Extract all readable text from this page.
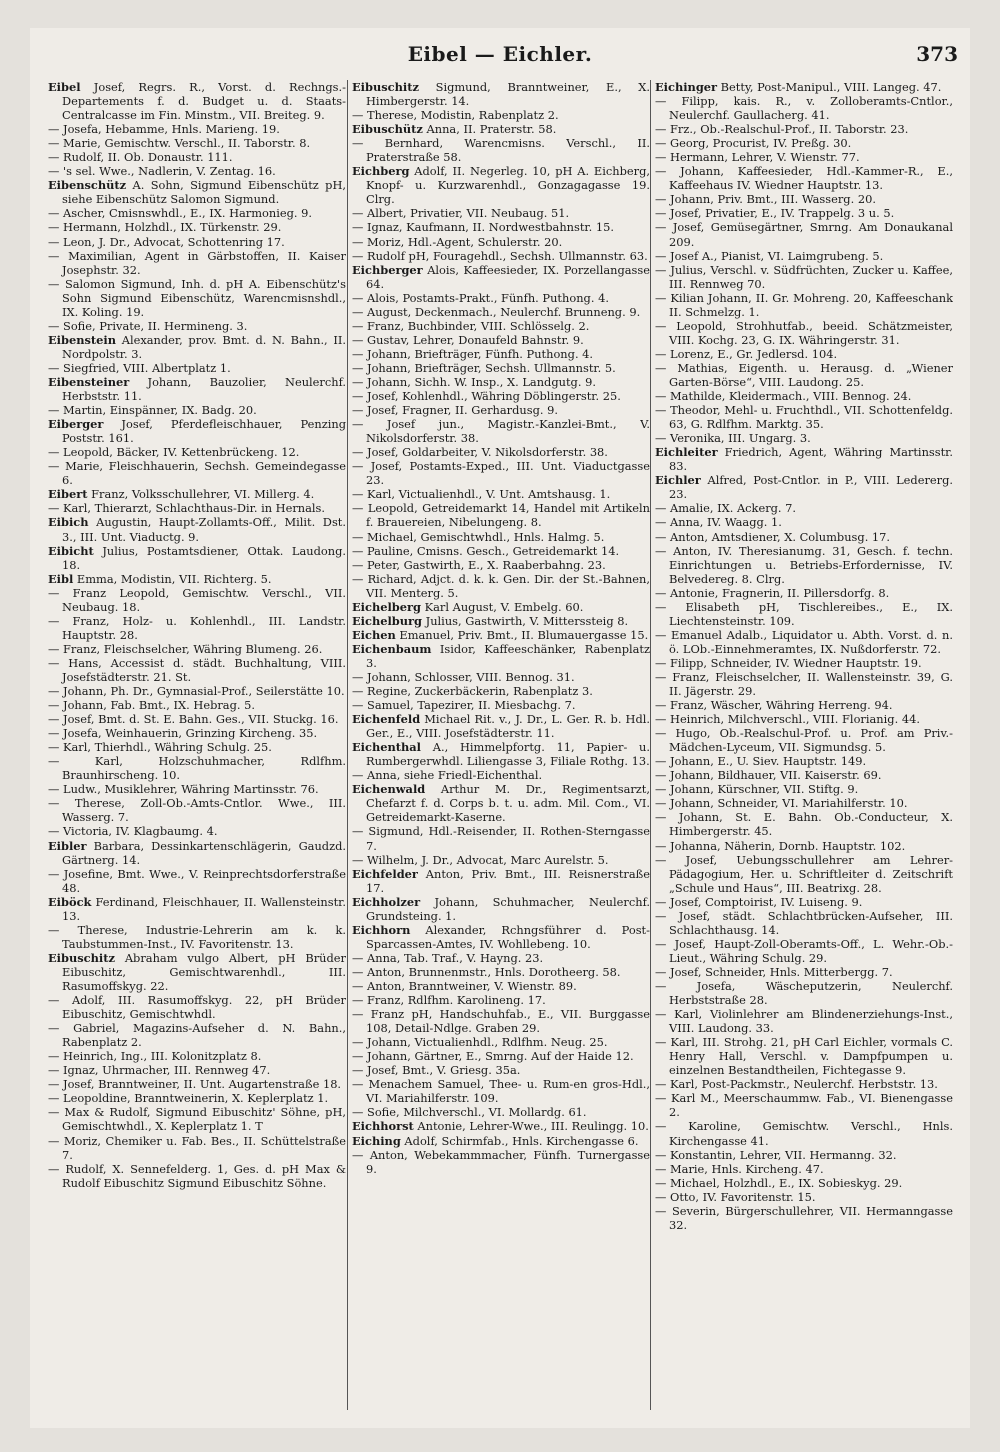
Eibel — Eichler.	373

Eibel Josef, Regrs. R., Vorst. d. Rechngs.-Departements f. d. Budget u. d. Staats-Centralcasse im Fin. Minstm., VII. Breiteg. 9.

— Josefa, Hebamme, Hnls. Marieng. 19.

— Marie, Gemischtw. Verschl., II. Taborstr. 8.

— Rudolf, II. Ob. Donaustr. 111.

— 's sel. Wwe., Nadlerin, V. Zentag. 16.

Eibenschütz A. Sohn, Sigmund Eibenschütz pH, siehe Eibenschütz Salomon Sigmund.

— Ascher, Cmisnswhdl., E., IX. Harmonieg. 9.

— Hermann, Holzhdl., IX. Türkenstr. 29.

— Leon, J. Dr., Advocat, Schottenring 17.

— Maximilian, Agent in Gärbstoffen, II. Kaiser Josephstr. 32.

— Salomon Sigmund, Inh. d. pH A. Eibenschütz's Sohn Sigmund Eibenschütz, Warencmisnshdl., IX. Koling. 19.

— Sofie, Private, II. Hermineng. 3.

Eibenstein Alexander, prov. Bmt. d. N. Bahn., II. Nordpolstr. 3.

— Siegfried, VIII. Albertplatz 1.

Eibensteiner Johann, Bauzolier, Neulerchf. Herbststr. 11.

— Martin, Einspänner, IX. Badg. 20.

Eiberger Josef, Pferdefleischhauer, Penzing Poststr. 161.

— Leopold, Bäcker, IV. Kettenbrückeng. 12.

— Marie, Fleischhauerin, Sechsh. Gemeindegasse 6.

Eibert Franz, Volksschullehrer, VI. Millerg. 4.

— Karl, Thierarzt, Schlachthaus-Dir. in Hernals.

Eibich Augustin, Haupt-Zollamts-Off., Milit. Dst. 3., III. Unt. Viaductg. 9.

Eibicht Julius, Postamtsdiener, Ottak. Laudong. 18.

Eibl Emma, Modistin, VII. Richterg. 5.

— Franz Leopold, Gemischtw. Verschl., VII. Neubaug. 18.

— Franz, Holz- u. Kohlenhdl., III. Landstr. Hauptstr. 28.

— Franz, Fleischselcher, Währing Blumeng. 26.

— Hans, Accessist d. städt. Buchhaltung, VIII. Josefstädterstr. 21. St.

— Johann, Ph. Dr., Gymnasial-Prof., Seilerstätte 10.

— Johann, Fab. Bmt., IX. Hebrag. 5.

— Josef, Bmt. d. St. E. Bahn. Ges., VII. Stuckg. 16.

— Josefa, Weinhauerin, Grinzing Kircheng. 35.

— Karl, Thierhdl., Währing Schulg. 25.

— Karl, Holzschuhmacher, Rdlfhm. Braunhirscheng. 10.

— Ludw., Musiklehrer, Währing Martinsstr. 76.

— Therese, Zoll-Ob.-Amts-Cntlor. Wwe., III. Wasserg. 7.

— Victoria, IV. Klagbaumg. 4.

Eibler Barbara, Dessinkartenschlägerin, Gaudzd. Gärtnerg. 14.

— Josefine, Bmt. Wwe., V. Reinprechtsdorferstraße 48.

Eiböck Ferdinand, Fleischhauer, II. Wallensteinstr. 13.

— Therese, Industrie-Lehrerin am k. k. Taubstummen-Inst., IV. Favoritenstr. 13.

Eibuschitz Abraham vulgo Albert, pH Brüder Eibuschitz, Gemischtwarenhdl., III. Rasumoffskyg. 22.

— Adolf, III. Rasumoffskyg. 22, pH Brüder Eibuschitz, Gemischtwhdl.

— Gabriel, Magazins-Aufseher d. N. Bahn., Rabenplatz 2.

— Heinrich, Ing., III. Kolonitzplatz 8.

— Ignaz, Uhrmacher, III. Rennweg 47.

— Josef, Branntweiner, II. Unt. Augartenstraße 18.

— Leopoldine, Branntweinerin, X. Keplerplatz 1.

— Max & Rudolf, Sigmund Eibuschitz' Söhne, pH, Gemischtwhdl., X. Keplerplatz 1. T

— Moriz, Chemiker u. Fab. Bes., II. Schüttelstraße 7.

— Rudolf, X. Sennefelderg. 1, Ges. d. pH Max & Rudolf Eibuschitz Sigmund Eibuschitz Söhne.

Eibuschitz Sigmund, Branntweiner, E., X. Himbergerstr. 14.

— Therese, Modistin, Rabenplatz 2.

Eibuschütz Anna, II. Praterstr. 58.

— Bernhard, Warencmisns. Verschl., II. Praterstraße 58.

Eichberg Adolf, II. Negerleg. 10, pH A. Eichberg, Knopf- u. Kurzwarenhdl., Gonzagagasse 19. Clrg.

— Albert, Privatier, VII. Neubaug. 51.

— Ignaz, Kaufmann, II. Nordwestbahnstr. 15.

— Moriz, Hdl.-Agent, Schulerstr. 20.

— Rudolf pH, Fouragehdl., Sechsh. Ullmannstr. 63.

Eichberger Alois, Kaffeesieder, IX. Porzellangasse 64.

— Alois, Postamts-Prakt., Fünfh. Puthong. 4.

— August, Deckenmach., Neulerchf. Brunneng. 9.

— Franz, Buchbinder, VIII. Schlösselg. 2.

— Gustav, Lehrer, Donaufeld Bahnstr. 9.

— Johann, Briefträger, Fünfh. Puthong. 4.

— Johann, Briefträger, Sechsh. Ullmannstr. 5.

— Johann, Sichh. W. Insp., X. Landgutg. 9.

— Josef, Kohlenhdl., Währing Döblingerstr. 25.

— Josef, Fragner, II. Gerhardusg. 9.

— Josef jun., Magistr.-Kanzlei-Bmt., V. Nikolsdorferstr. 38.

— Josef, Goldarbeiter, V. Nikolsdorferstr. 38.

— Josef, Postamts-Exped., III. Unt. Viaductgasse 23.

— Karl, Victualienhdl., V. Unt. Amtshausg. 1.

— Leopold, Getreidemarkt 14, Handel mit Artikeln f. Brauereien, Nibelungeng. 8.

— Michael, Gemischtwhdl., Hnls. Halmg. 5.

— Pauline, Cmisns. Gesch., Getreidemarkt 14.

— Peter, Gastwirth, E., X. Raaberbahng. 23.

— Richard, Adjct. d. k. k. Gen. Dir. der St.-Bahnen, VII. Menterg. 5.

Eichelberg Karl August, V. Embelg. 60.

Eichelburg Julius, Gastwirth, V. Mitterssteig 8.

Eichen Emanuel, Priv. Bmt., II. Blumauergasse 15.

Eichenbaum Isidor, Kaffeeschänker, Rabenplatz 3.

— Johann, Schlosser, VIII. Bennog. 31.

— Regine, Zuckerbäckerin, Rabenplatz 3.

— Samuel, Tapezirer, II. Miesbachg. 7.

Eichenfeld Michael Rit. v., J. Dr., L. Ger. R. b. Hdl. Ger., E., VIII. Josefstädterstr. 11.

Eichenthal A., Himmelpfortg. 11, Papier- u. Rumbergerwhdl. Liliengasse 3, Filiale Rothg. 13.

— Anna, siehe Friedl-Eichenthal.

Eichenwald Arthur M. Dr., Regimentsarzt, Chefarzt f. d. Corps b. t. u. adm. Mil. Com., VI. Getreidemarkt-Kaserne.

— Sigmund, Hdl.-Reisender, II. Rothen-Sterngasse 7.

— Wilhelm, J. Dr., Advocat, Marc Aurelstr. 5.

Eichfelder Anton, Priv. Bmt., III. Reisnerstraße 17.

Eichholzer Johann, Schuhmacher, Neulerchf. Grundsteing. 1.

Eichhorn Alexander, Rchngsführer d. Post-Sparcassen-Amtes, IV. Wohllebeng. 10.

— Anna, Tab. Traf., V. Hayng. 23.

— Anton, Brunnenmstr., Hnls. Dorotheerg. 58.

— Anton, Branntweiner, V. Wienstr. 89.

— Franz, Rdlfhm. Karolineng. 17.

— Franz pH, Handschuhfab., E., VII. Burggasse 108, Detail-Ndlge. Graben 29.

— Johann, Victualienhdl., Rdlfhm. Neug. 25.

— Johann, Gärtner, E., Smrng. Auf der Haide 12.

— Josef, Bmt., V. Griesg. 35a.

— Menachem Samuel, Thee- u. Rum-en gros-Hdl., VI. Mariahilferstr. 109.

— Sofie, Milchverschl., VI. Mollardg. 61.

Eichhorst Antonie, Lehrer-Wwe., III. Reulingg. 10.

Eiching Adolf, Schirmfab., Hnls. Kirchengasse 6.

— Anton, Webekammmacher, Fünfh. Turnergasse 9.

Eichinger Betty, Post-Manipul., VIII. Langeg. 47.

— Filipp, kais. R., v. Zolloberamts-Cntlor., Neulerchf. Gaullacherg. 41.

— Frz., Ob.-Realschul-Prof., II. Taborstr. 23.

— Georg, Procurist, IV. Preßg. 30.

— Hermann, Lehrer, V. Wienstr. 77.

— Johann, Kaffeesieder, Hdl.-Kammer-R., E., Kaffeehaus IV. Wiedner Hauptstr. 13.

— Johann, Priv. Bmt., III. Wasserg. 20.

— Josef, Privatier, E., IV. Trappelg. 3 u. 5.

— Josef, Gemüsegärtner, Smrng. Am Donaukanal 209.

— Josef A., Pianist, VI. Laimgrubeng. 5.

— Julius, Verschl. v. Südfrüchten, Zucker u. Kaffee, III. Rennweg 70.

— Kilian Johann, II. Gr. Mohreng. 20, Kaffeeschank II. Schmelzg. 1.

— Leopold, Strohhutfab., beeid. Schätzmeister, VIII. Kochg. 23, G. IX. Währingerstr. 31.

— Lorenz, E., Gr. Jedlersd. 104.

— Mathias, Eigenth. u. Herausg. d. „Wiener Garten-Börse“, VIII. Laudong. 25.

— Mathilde, Kleidermach., VIII. Bennog. 24.

— Theodor, Mehl- u. Fruchthdl., VII. Schottenfeldg. 63, G. Rdlfhm. Marktg. 35.

— Veronika, III. Ungarg. 3.

Eichleiter Friedrich, Agent, Währing Martinsstr. 83.

Eichler Alfred, Post-Cntlor. in P., VIII. Ledererg. 23.

— Amalie, IX. Ackerg. 7.

— Anna, IV. Waagg. 1.

— Anton, Amtsdiener, X. Columbusg. 17.

— Anton, IV. Theresianumg. 31, Gesch. f. techn. Einrichtungen u. Betriebs-Erfordernisse, IV. Belvedereg. 8. Clrg.

— Antonie, Fragnerin, II. Pillersdorfg. 8.

— Elisabeth pH, Tischlereibes., E., IX. Liechtensteinstr. 109.

— Emanuel Adalb., Liquidator u. Abth. Vorst. d. n. ö. LOb.-Einnehmeramtes, IX. Nußdorferstr. 72.

— Filipp, Schneider, IV. Wiedner Hauptstr. 19.

— Franz, Fleischselcher, II. Wallensteinstr. 39, G. II. Jägerstr. 29.

— Franz, Wäscher, Währing Herreng. 94.

— Heinrich, Milchverschl., VIII. Florianig. 44.

— Hugo, Ob.-Realschul-Prof. u. Prof. am Priv.-Mädchen-Lyceum, VII. Sigmundsg. 5.

— Johann, E., U. Siev. Hauptstr. 149.

— Johann, Bildhauer, VII. Kaiserstr. 69.

— Johann, Kürschner, VII. Stiftg. 9.

— Johann, Schneider, VI. Mariahilferstr. 10.

— Johann, St. E. Bahn. Ob.-Conducteur, X. Himbergerstr. 45.

— Johanna, Näherin, Dornb. Hauptstr. 102.

— Josef, Uebungsschullehrer am Lehrer-Pädagogium, Her. u. Schriftleiter d. Zeitschrift „Schule und Haus“, III. Beatrixg. 28.

— Josef, Comptoirist, IV. Luiseng. 9.

— Josef, städt. Schlachtbrücken-Aufseher, III. Schlachthausg. 14.

— Josef, Haupt-Zoll-Oberamts-Off., L. Wehr.-Ob.-Lieut., Währing Schulg. 29.

— Josef, Schneider, Hnls. Mitterbergg. 7.

— Josefa, Wäscheputzerin, Neulerchf. Herbststraße 28.

— Karl, Violinlehrer am Blindenerziehungs-Inst., VIII. Laudong. 33.

— Karl, III. Strohg. 21, pH Carl Eichler, vormals C. Henry Hall, Verschl. v. Dampfpumpen u. einzelnen Bestandtheilen, Fichtegasse 9.

— Karl, Post-Packmstr., Neulerchf. Herbststr. 13.

— Karl M., Meerschaummw. Fab., VI. Bienengasse 2.

— Karoline, Gemischtw. Verschl., Hnls. Kirchengasse 41.

— Konstantin, Lehrer, VII. Hermanng. 32.

— Marie, Hnls. Kircheng. 47.

— Michael, Holzhdl., E., IX. Sobieskyg. 29.

— Otto, IV. Favoritenstr. 15.

— Severin, Bürgerschullehrer, VII. Hermanngasse 32.
